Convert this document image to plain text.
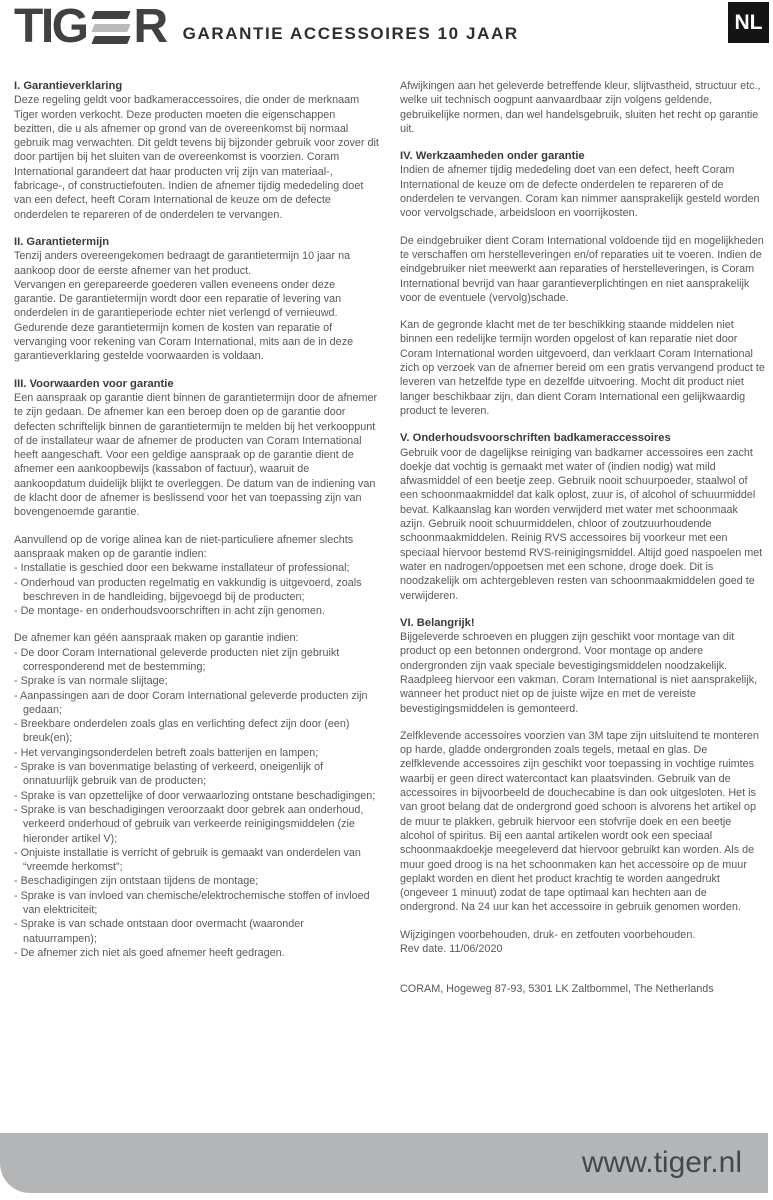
TIG R GARANTIE ACCESSOIRES 10 JAAR	NL
I. Garantieverklaring

Deze regeling geldt voor badkameraccessoires, die onder de merknaam Tiger worden verkocht. Deze producten moeten die eigenschappen bezitten, die u als afnemer op grond van de overeenkomst bij normaal gebruik mag verwachten. Dit geldt tevens bij bijzonder gebruik voor zover dit door partijen bij het sluiten van de overeenkomst is voorzien. Coram International garandeert dat haar producten vrij zijn van materiaal-, fabricage-, of constructiefouten. Indien de afnemer tijdig mededeling doet van een defect, heeft Coram International de keuze om de defecte onderdelen te repareren of de onderdelen te vervangen.

II. Garantietermijn

Tenzij anders overeengekomen bedraagt de garantietermijn 10 jaar na aankoop door de eerste afnemer van het product.

Vervangen en gerepareerde goederen vallen eveneens onder deze garantie. De garantietermijn wordt door een reparatie of levering van onderdelen in de garantieperiode echter niet verlengd of vernieuwd.

Gedurende deze garantietermijn komen de kosten van reparatie of vervanging voor rekening van Coram International, mits aan de in deze garantieverklaring gestelde voorwaarden is voldaan.

III. Voorwaarden voor garantie

Een aanspraak op garantie dient binnen de garantietermijn door de afnemer te zijn gedaan. De afnemer kan een beroep doen op de garantie door defecten schriftelijk binnen de garantietermijn te melden bij het verkooppunt of de installateur waar de afnemer de producten van Coram International heeft aangeschaft. Voor een geldige aanspraak op de garantie dient de afnemer een aankoopbewijs (kassabon of factuur), waaruit de aankoopdatum duidelijk blijkt te overleggen. De datum van de indiening van de klacht door de afnemer is beslissend voor het van toepassing zijn van bovengenoemde garantie.

Aanvullend op de vorige alinea kan de niet-particuliere afnemer slechts aanspraak maken op de garantie indien:

- Installatie is geschied door een bekwame installateur of professional;

- Onderhoud van producten regelmatig en vakkundig is uitgevoerd, zoals beschreven in de handleiding, bijgevoegd bij de producten;

- De montage- en onderhoudsvoorschriften in acht zijn genomen.

De afnemer kan géén aanspraak maken op garantie indien:

- De door Coram International geleverde producten niet zijn gebruikt corresponderend met de bestemming;

- Sprake is van normale slijtage;

- Aanpassingen aan de door Coram International geleverde producten zijn gedaan;

- Breekbare onderdelen zoals glas en verlichting defect zijn door (een) breuk(en);

- Het vervangingsonderdelen betreft zoals batterijen en lampen;

- Sprake is van bovenmatige belasting of verkeerd, oneigenlijk of onnatuurlijk gebruik van de producten;

- Sprake is van opzettelijke of door verwaarlozing ontstane beschadigingen;

- Sprake is van beschadigingen veroorzaakt door gebrek aan onderhoud, verkeerd onderhoud of gebruik van verkeerde reinigingsmiddelen (zie hieronder artikel V);

- Onjuiste installatie is verricht of gebruik is gemaakt van onderdelen van “vreemde herkomst”;

- Beschadigingen zijn ontstaan tijdens de montage;

- Sprake is van invloed van chemische/elektrochemische stoffen of invloed van elektriciteit;

- Sprake is van schade ontstaan door overmacht (waaronder natuurrampen);

- De afnemer zich niet als goed afnemer heeft gedragen.

Afwijkingen aan het geleverde betreffende kleur, slijtvastheid, structuur etc., welke uit technisch oogpunt aanvaardbaar zijn volgens geldende, gebruikelijke normen, dan wel handelsgebruik, sluiten het recht op garantie uit.

IV. Werkzaamheden onder garantie

Indien de afnemer tijdig mededeling doet van een defect, heeft Coram International de keuze om de defecte onderdelen te repareren of de onderdelen te vervangen. Coram kan nimmer aansprakelijk gesteld worden voor vervolgschade, arbeidsloon en voorrijkosten.

De eindgebruiker dient Coram International voldoende tijd en mogelijkheden te verschaffen om herstelleveringen en/of reparaties uit te voeren. Indien de eindgebruiker niet meewerkt aan reparaties of herstelleveringen, is Coram International bevrijd van haar garantieverplichtingen en niet aansprakelijk voor de eventuele (vervolg)schade.

Kan de gegronde klacht met de ter beschikking staande middelen niet binnen een redelijke termijn worden opgelost of kan reparatie niet door Coram International worden uitgevoerd, dan verklaart Coram International zich op verzoek van de afnemer bereid om een gratis vervangend product te leveren van hetzelfde type en dezelfde uitvoering. Mocht dit product niet langer beschikbaar zijn, dan dient Coram International een gelijkwaardig product te leveren.

V. Onderhoudsvoorschriften badkameraccessoires

Gebruik voor de dagelijkse reiniging van badkamer accessoires een zacht doekje dat vochtig is gemaakt met water of (indien nodig) wat mild afwasmiddel of een beetje zeep. Gebruik nooit schuurpoeder, staalwol of een schoonmaakmiddel dat kalk oplost, zuur is, of alcohol of schuurmiddel bevat. Kalkaanslag kan worden verwijderd met water met schoonmaak azijn. Gebruik nooit schuurmiddelen, chloor of zoutzuurhoudende schoonmaakmiddelen. Reinig RVS accessoires bij voorkeur met een speciaal hiervoor bestemd RVS-reinigingsmiddel. Altijd goed naspoelen met water en nadrogen/oppoetsen met een schone, droge doek. Dit is noodzakelijk om achtergebleven resten van schoonmaakmiddelen goed te verwijderen.

VI. Belangrijk!

Bijgeleverde schroeven en pluggen zijn geschikt voor montage van dit product op een betonnen ondergrond. Voor montage op andere ondergronden zijn vaak speciale bevestigingsmiddelen noodzakelijk. Raadpleeg hiervoor een vakman. Coram International is niet aansprakelijk, wanneer het product niet op de juiste wijze en met de vereiste bevestigingsmiddelen is gemonteerd.

Zelfklevende accessoires voorzien van 3M tape zijn uitsluitend te monteren op harde, gladde ondergronden zoals tegels, metaal en glas. De zelfklevende accessoires zijn geschikt voor toepassing in vochtige ruimtes waarbij er geen direct watercontact kan plaatsvinden. Gebruik van de accessoires in bijvoorbeeld de douchecabine is dan ook uitgesloten. Het is van groot belang dat de ondergrond goed schoon is alvorens het artikel op de muur te plakken, gebruik hiervoor een stofvrije doek en een beetje alcohol of spiritus. Bij een aantal artikelen wordt ook een speciaal schoonmaakdoekje meegeleverd dat hiervoor gebruikt kan worden. Als de muur goed droog is na het schoonmaken kan het accessoire op de muur geplakt worden en dient het product krachtig te worden aangedrukt (ongeveer 1 minuut) zodat de tape optimaal kan hechten aan de ondergrond. Na 24 uur kan het accessoire in gebruik genomen worden.

Wijzigingen voorbehouden, druk- en zetfouten voorbehouden.

Rev date. 11/06/2020

CORAM, Hogeweg 87-93, 5301 LK Zaltbommel, The Netherlands

www.tiger.nl
